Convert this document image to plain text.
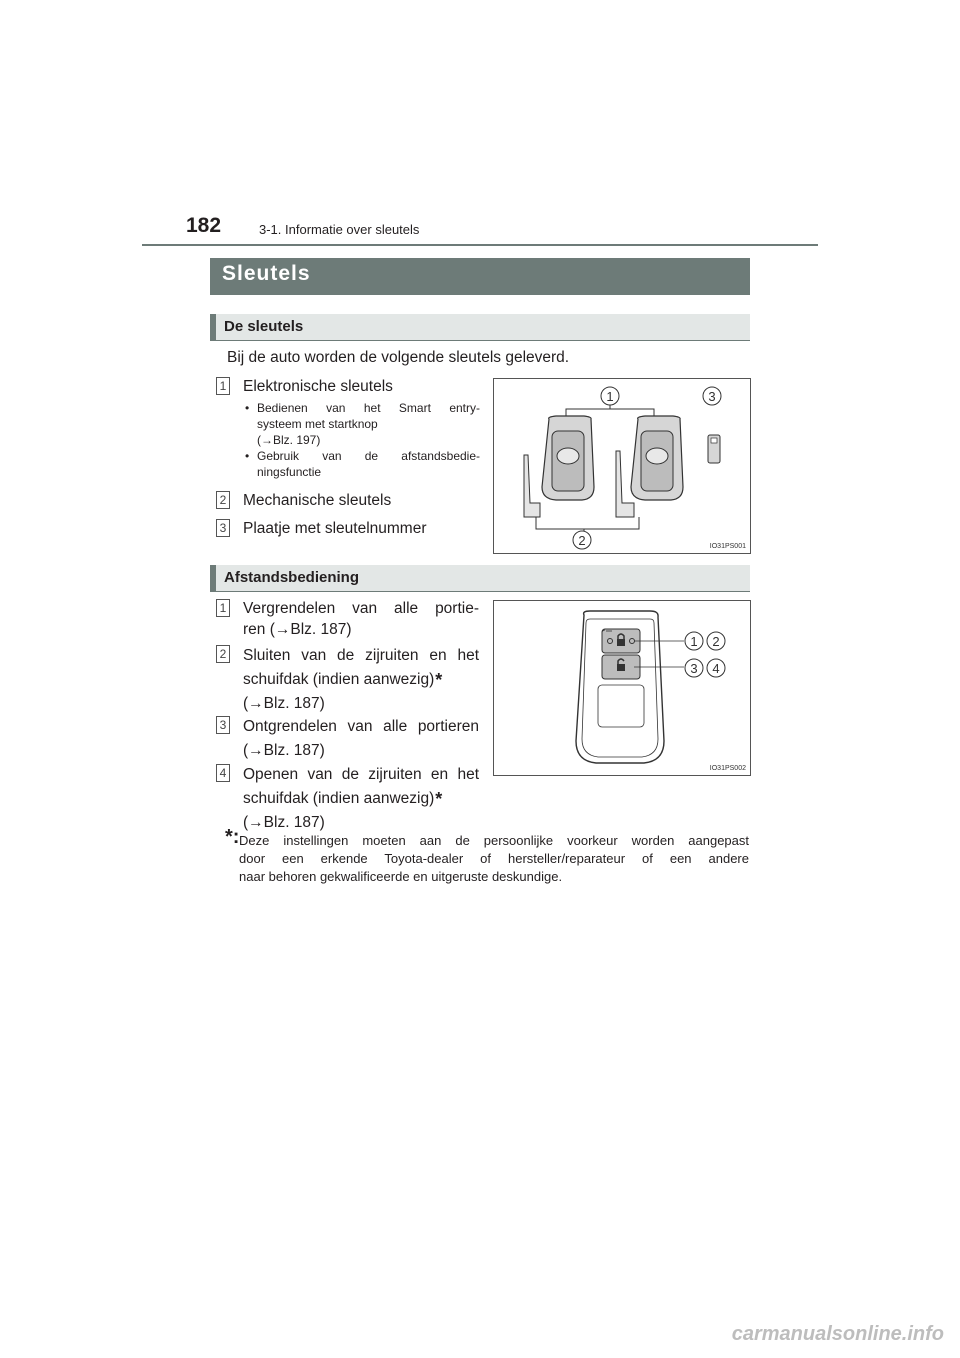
182	3-1. Informatie over sleutels
Sleutels
De sleutels
Bij de auto worden de volgende sleutels geleverd.
1 Elektronische sleutels
• Bedienen van het Smart entry-
systeem met startknop
(→Blz. 197)
• Gebruik van de afstandsbedie-
ningsfunctie
2 Mechanische sleutels
3 Plaatje met sleutelnummer
1	3
2	IO31PS001
Afstandsbediening
1 Vergrendelen van alle portie-
ren (→Blz. 187)
2 Sluiten van de zijruiten en het
schuifdak (indien aanwezig)*
(→Blz. 187)
3 Ontgrendelen van alle portieren
(→Blz. 187)
4 Openen van de zijruiten en het
schuifdak (indien aanwezig)*
(→Blz. 187)
1 2
3 4
IO31PS002
*: Deze instellingen moeten aan de persoonlijke voorkeur worden aangepast
door een erkende Toyota-dealer of hersteller/reparateur of een andere
naar behoren gekwalificeerde en uitgeruste deskundige.
carmanualsonline.info
